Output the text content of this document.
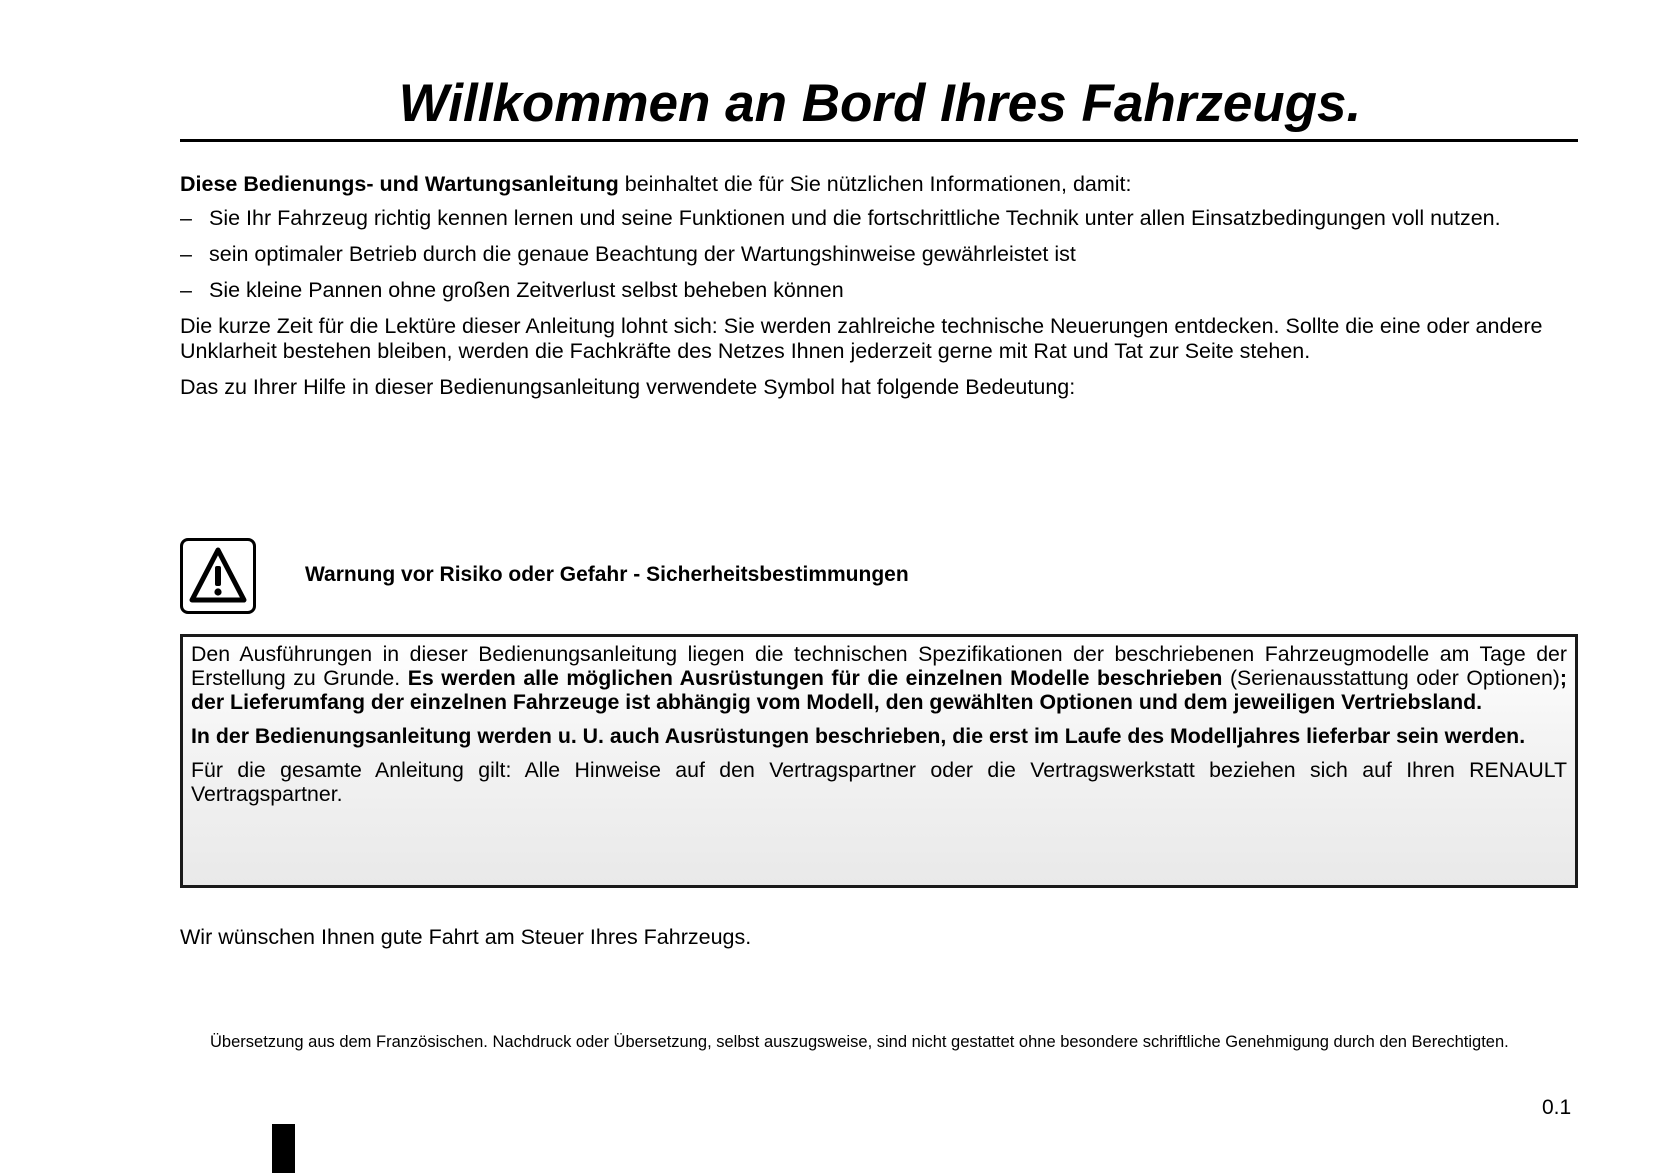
Willkommen an Bord Ihres Fahrzeugs.

Diese Bedienungs- und Wartungsanleitung beinhaltet die für Sie nützlichen Informationen, damit:

– Sie Ihr Fahrzeug richtig kennen lernen und seine Funktionen und die fortschrittliche Technik unter allen Einsatzbedingungen voll nutzen.
– sein optimaler Betrieb durch die genaue Beachtung der Wartungshinweise gewährleistet ist
– Sie kleine Pannen ohne großen Zeitverlust selbst beheben können

Die kurze Zeit für die Lektüre dieser Anleitung lohnt sich: Sie werden zahlreiche technische Neuerungen entdecken. Sollte die eine oder andere Unklarheit bestehen bleiben, werden die Fachkräfte des Netzes Ihnen jederzeit gerne mit Rat und Tat zur Seite stehen.

Das zu Ihrer Hilfe in dieser Bedienungsanleitung verwendete Symbol hat folgende Bedeutung:

Warnung vor Risiko oder Gefahr - Sicherheitsbestimmungen

Den Ausführungen in dieser Bedienungsanleitung liegen die technischen Spezifikationen der beschriebenen Fahrzeugmodelle am Tage der Erstellung zu Grunde. Es werden alle möglichen Ausrüstungen für die einzelnen Modelle beschrieben (Serienausstattung oder Optionen); der Lieferumfang der einzelnen Fahrzeuge ist abhängig vom Modell, den gewählten Optionen und dem jeweiligen Vertriebsland.

In der Bedienungsanleitung werden u. U. auch Ausrüstungen beschrieben, die erst im Laufe des Modelljahres lieferbar sein werden.

Für die gesamte Anleitung gilt: Alle Hinweise auf den Vertragspartner oder die Vertragswerkstatt beziehen sich auf Ihren RENAULT Vertragspartner.

Wir wünschen Ihnen gute Fahrt am Steuer Ihres Fahrzeugs.
Übersetzung aus dem Französischen. Nachdruck oder Übersetzung, selbst auszugsweise, sind nicht gestattet ohne besondere schriftliche Genehmigung durch den Berechtigten.
0.1
